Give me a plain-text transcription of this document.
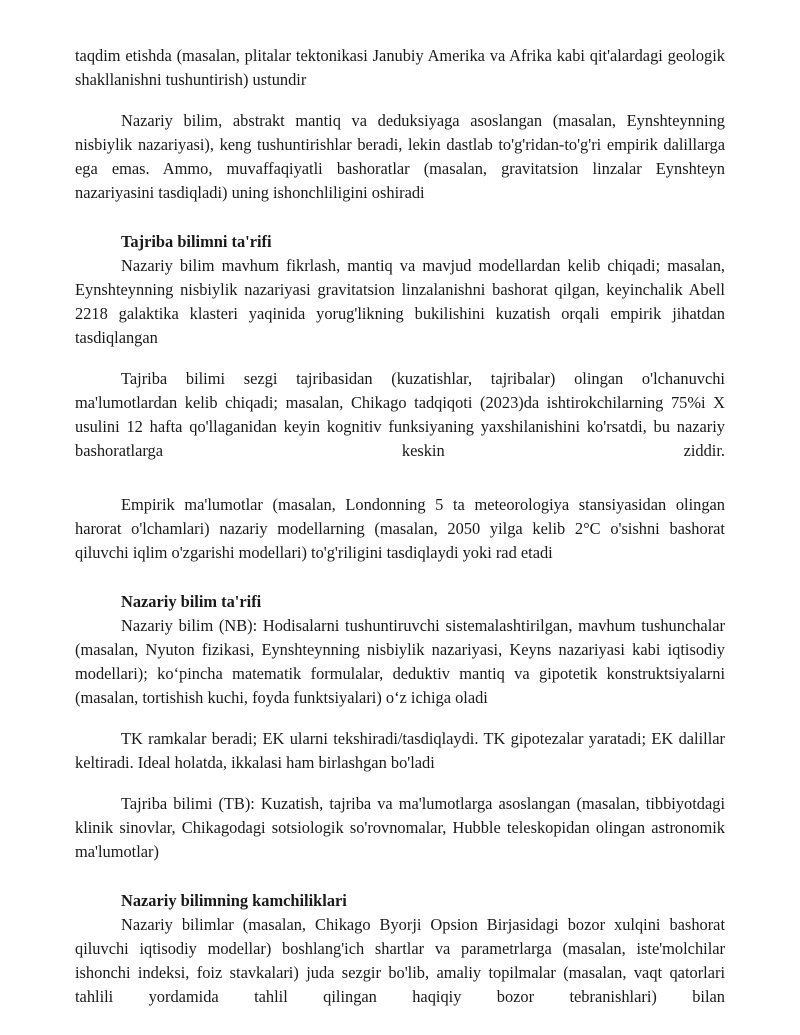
taqdim etishda (masalan, plitalar tektonikasi Janubiy Amerika va Afrika kabi qit'alardagi geologik shakllanishni tushuntirish) ustundir

Nazariy bilim, abstrakt mantiq va deduksiyaga asoslangan (masalan, Eynshteynning nisbiylik nazariyasi), keng tushuntirishlar beradi, lekin dastlab to'g'ridan-to'g'ri empirik dalillarga ega emas. Ammo, muvaffaqiyatli bashoratlar (masalan, gravitatsion linzalar Eynshteyn nazariyasini tasdiqladi) uning ishonchliligini oshiradi

Tajriba bilimni ta'rifi

Nazariy bilim mavhum fikrlash, mantiq va mavjud modellardan kelib chiqadi; masalan, Eynshteynning nisbiylik nazariyasi gravitatsion linzalanishni bashorat qilgan, keyinchalik Abell 2218 galaktika klasteri yaqinida yorug'likning bukilishini kuzatish orqali empirik jihatdan tasdiqlangan

Tajriba bilimi sezgi tajribasidan (kuzatishlar, tajribalar) olingan o'lchanuvchi ma'lumotlardan kelib chiqadi; masalan, Chikago tadqiqoti (2023)da ishtirokchilarning 75%i X usulini 12 hafta qo'llaganidan keyin kognitiv funksiyaning yaxshilanishini ko'rsatdi, bu nazariy bashoratlarga keskin ziddir.

Empirik ma'lumotlar (masalan, Londonning 5 ta meteorologiya stansiyasidan olingan harorat o'lchamlari) nazariy modellarning (masalan, 2050 yilga kelib 2°C o'sishni bashorat qiluvchi iqlim o'zgarishi modellari) to'g'riligini tasdiqlaydi yoki rad etadi

Nazariy bilim ta'rifi

Nazariy bilim (NB): Hodisalarni tushuntiruvchi sistemalashtirilgan, mavhum tushunchalar (masalan, Nyuton fizikasi, Eynshteynning nisbiylik nazariyasi, Keyns nazariyasi kabi iqtisodiy modellari); ko‘pincha matematik formulalar, deduktiv mantiq va gipotetik konstruktsiyalarni (masalan, tortishish kuchi, foyda funktsiyalari) o‘z ichiga oladi

TK ramkalar beradi; EK ularni tekshiradi/tasdiqlaydi. TK gipotezalar yaratadi; EK dalillar keltiradi. Ideal holatda, ikkalasi ham birlashgan bo'ladi

Tajriba bilimi (TB): Kuzatish, tajriba va ma'lumotlarga asoslangan (masalan, tibbiyotdagi klinik sinovlar, Chikagodagi sotsiologik so'rovnomalar, Hubble teleskopidan olingan astronomik ma'lumotlar)

Nazariy bilimning kamchiliklari

Nazariy bilimlar (masalan, Chikago Byorji Opsion Birjasidagi bozor xulqini bashorat qiluvchi iqtisodiy modellar) boshlang'ich shartlar va parametrlarga (masalan, iste'molchilar ishonchi indeksi, foiz stavkalari) juda sezgir bo'lib, amaliy topilmalar (masalan, vaqt qatorlari tahlili yordamida tahlil qilingan haqiqiy bozor tebranishlari) bilan
